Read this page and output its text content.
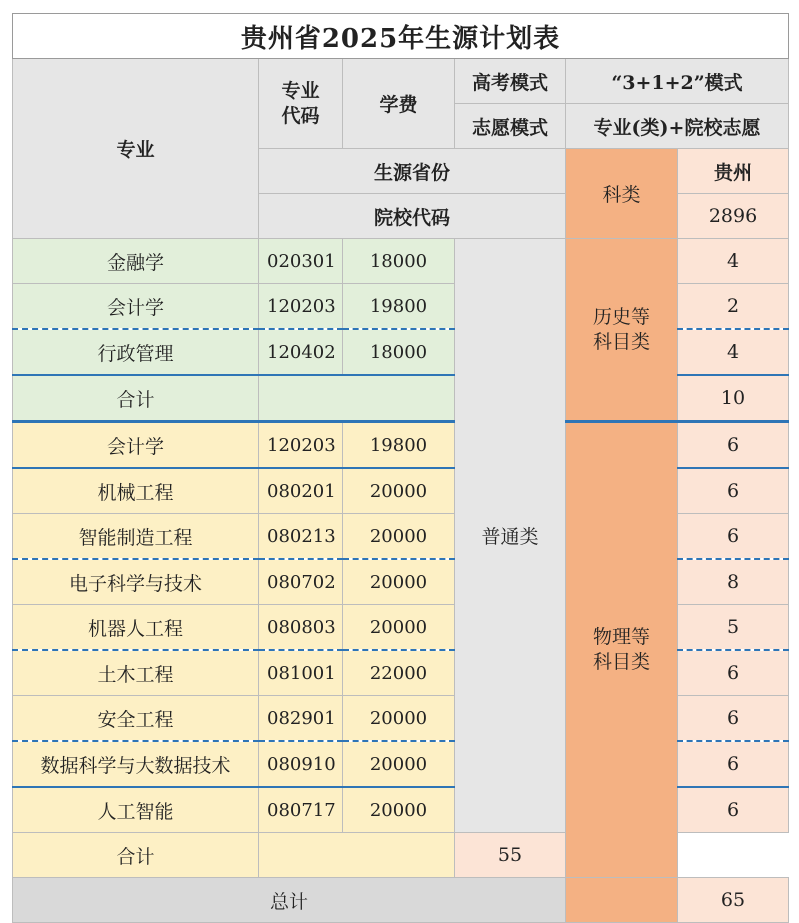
贵州省2025年生源计划表					
专业	专业代码	学费	高考模式	“3+1+2”模式	
			志愿模式	专业(类)+院校志愿	
	生源省份			科类	贵州
	院校代码				2896
金融学	020301	18000	普通类	历史等科目类	4
会计学	120203	19800			2
行政管理	120402	18000			4
合计					10
会计学	120203	19800		物理等科目类	6
机械工程	080201	20000			6
智能制造工程	080213	20000			6
电子科学与技术	080702	20000			8
机器人工程	080803	20000			5
土木工程	081001	22000			6
安全工程	082901	20000			6
数据科学与大数据技术	080910	20000			6
人工智能	080717	20000			6
合计			55		
总计					65
